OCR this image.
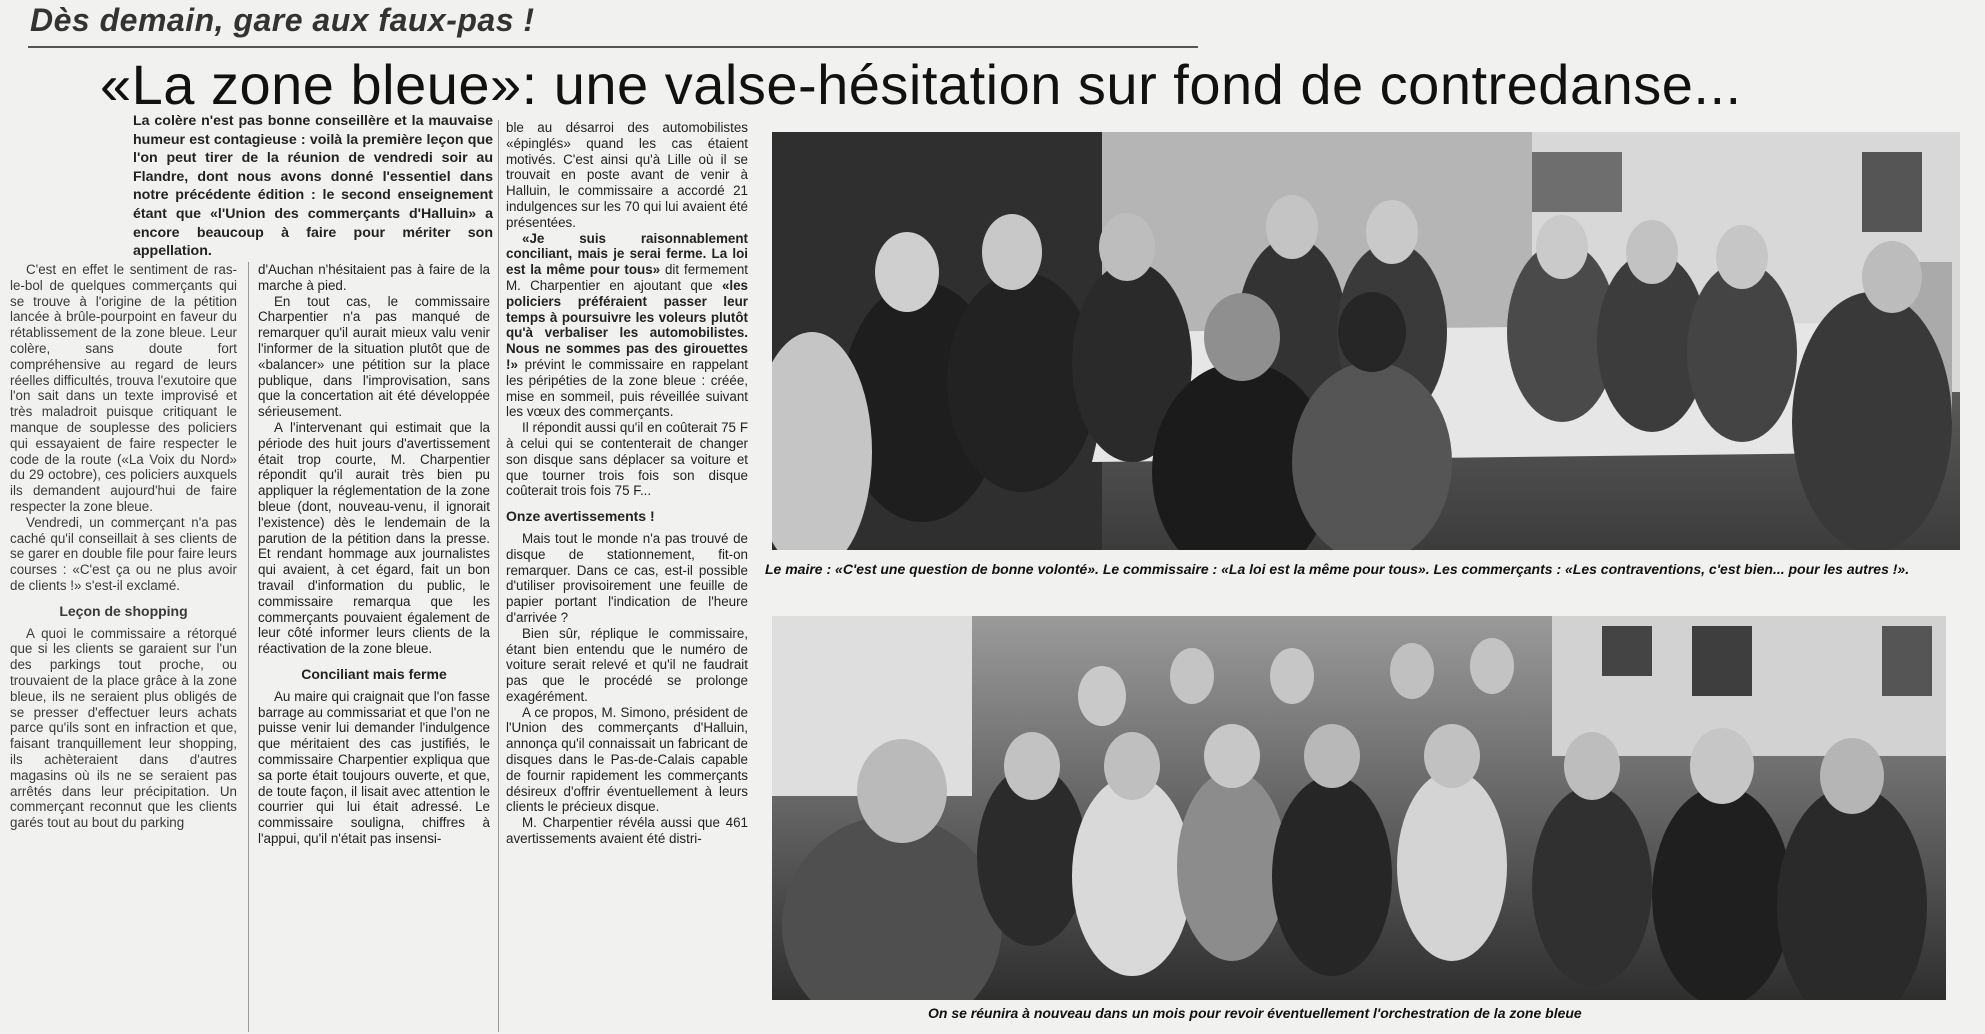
Dès demain, gare aux faux-pas !
«La zone bleue»: une valse-hésitation sur fond de contredanse...
La colère n'est pas bonne conseillère et la mauvaise humeur est contagieuse : voilà la première leçon que l'on peut tirer de la réunion de vendredi soir au Flandre, dont nous avons donné l'essentiel dans notre précédente édition : le second enseignement étant que «l'Union des commerçants d'Halluin» a encore beaucoup à faire pour mériter son appellation.

C'est en effet le sentiment de ras-le-bol de quelques commerçants qui se trouve à l'origine de la pétition lancée à brûle-pourpoint en faveur du rétablissement de la zone bleue. Leur colère, sans doute fort compréhensive au regard de leurs réelles difficultés, trouva l'exutoire que l'on sait dans un texte improvisé et très maladroit puisque critiquant le manque de souplesse des policiers qui essayaient de faire respecter le code de la route («La Voix du Nord» du 29 octobre), ces policiers auxquels ils demandent aujourd'hui de faire respecter la zone bleue.

Vendredi, un commerçant n'a pas caché qu'il conseillait à ses clients de se garer en double file pour faire leurs courses : «C'est ça ou ne plus avoir de clients !» s'est-il exclamé.

Leçon de shopping

A quoi le commissaire a rétorqué que si les clients se garaient sur l'un des parkings tout proche, ou trouvaient de la place grâce à la zone bleue, ils ne seraient plus obligés de se presser d'effectuer leurs achats parce qu'ils sont en infraction et que, faisant tranquillement leur shopping, ils achèteraient dans d'autres magasins où ils ne se seraient pas arrêtés dans leur précipitation. Un commerçant reconnut que les clients garés tout au bout du parking

d'Auchan n'hésitaient pas à faire de la marche à pied.

En tout cas, le commissaire Charpentier n'a pas manqué de remarquer qu'il aurait mieux valu venir l'informer de la situation plutôt que de «balancer» une pétition sur la place publique, dans l'improvisation, sans que la concertation ait été développée sérieusement.

A l'intervenant qui estimait que la période des huit jours d'avertissement était trop courte, M. Charpentier répondit qu'il aurait très bien pu appliquer la réglementation de la zone bleue (dont, nouveau-venu, il ignorait l'existence) dès le lendemain de la parution de la pétition dans la presse. Et rendant hommage aux journalistes qui avaient, à cet égard, fait un bon travail d'information du public, le commissaire remarqua que les commerçants pouvaient également de leur côté informer leurs clients de la réactivation de la zone bleue.

Conciliant mais ferme

Au maire qui craignait que l'on fasse barrage au commissariat et que l'on ne puisse venir lui demander l'indulgence que méritaient des cas justifiés, le commissaire Charpentier expliqua que sa porte était toujours ouverte, et que, de toute façon, il lisait avec attention le courrier qui lui était adressé. Le commissaire souligna, chiffres à l'appui, qu'il n'était pas insensi-

ble au désarroi des automobilistes «épinglés» quand les cas étaient motivés. C'est ainsi qu'à Lille où il se trouvait en poste avant de venir à Halluin, le commissaire a accordé 21 indulgences sur les 70 qui lui avaient été présentées.

«Je suis raisonnablement conciliant, mais je serai ferme. La loi est la même pour tous» dit fermement M. Charpentier en ajoutant que «les policiers préféraient passer leur temps à poursuivre les voleurs plutôt qu'à verbaliser les automobilistes. Nous ne sommes pas des girouettes !» prévint le commissaire en rappelant les péripéties de la zone bleue : créée, mise en sommeil, puis réveillée suivant les vœux des commerçants.

Il répondit aussi qu'il en coûterait 75 F à celui qui se contenterait de changer son disque sans déplacer sa voiture et que tourner trois fois son disque coûterait trois fois 75 F...

Onze avertissements !

Mais tout le monde n'a pas trouvé de disque de stationnement, fit-on remarquer. Dans ce cas, est-il possible d'utiliser provisoirement une feuille de papier portant l'indication de l'heure d'arrivée ?

Bien sûr, réplique le commissaire, étant bien entendu que le numéro de voiture serait relevé et qu'il ne faudrait pas que le procédé se prolonge exagérément.

A ce propos, M. Simono, président de l'Union des commerçants d'Halluin, annonça qu'il connaissait un fabricant de disques dans le Pas-de-Calais capable de fournir rapidement les commerçants désireux d'offrir éventuellement à leurs clients le précieux disque.

M. Charpentier révéla aussi que 461 avertissements avaient été distri-

Le maire : «C'est une question de bonne volonté». Le commissaire : «La loi est la même pour tous». Les commerçants : «Les contraventions, c'est bien... pour les autres !».
On se réunira à nouveau dans un mois pour revoir éventuellement l'orchestration de la zone bleue
